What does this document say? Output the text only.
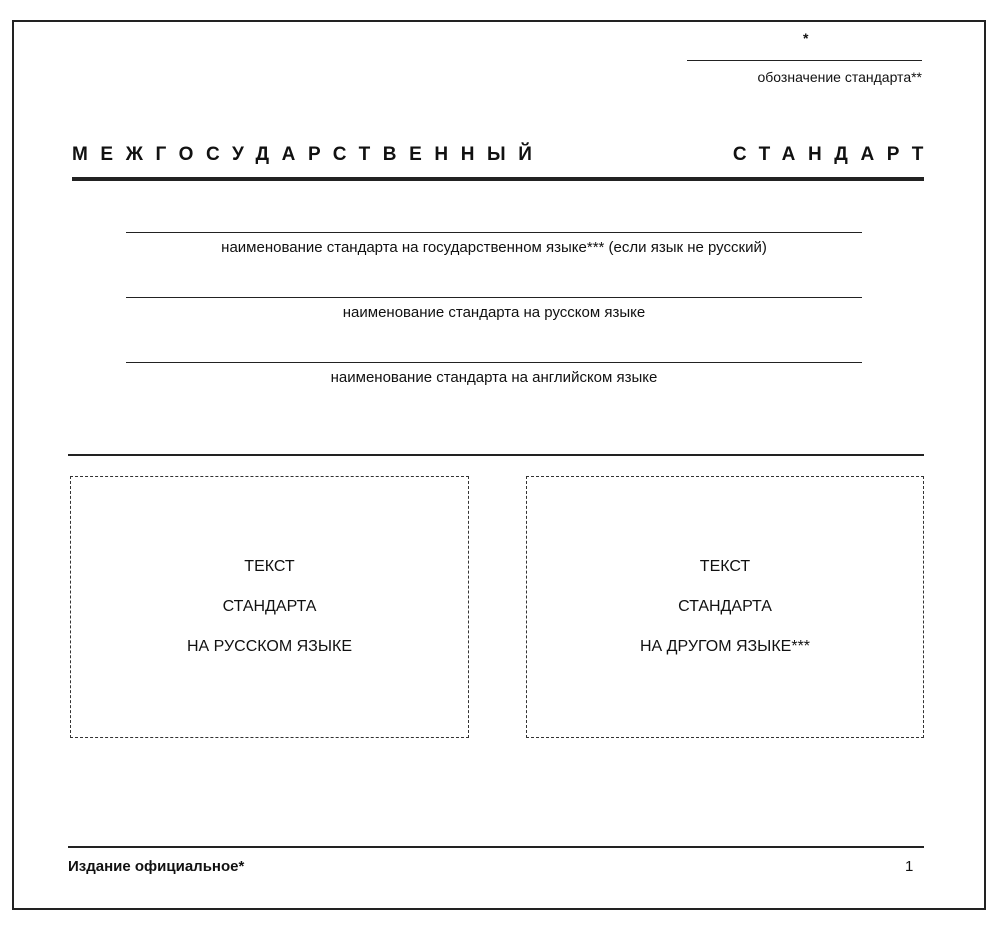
*
обозначение стандарта**
МЕЖГОСУДАРСТВЕННЫЙ	СТАНДАРТ
наименование стандарта на государственном языке*** (если язык не русский)
наименование стандарта на русском языке
наименование стандарта на английском языке
ТЕКСТ
СТАНДАРТА
НА РУССКОМ ЯЗЫКЕ
ТЕКСТ
СТАНДАРТА
НА ДРУГОМ ЯЗЫКЕ***
Издание официальное*	1
